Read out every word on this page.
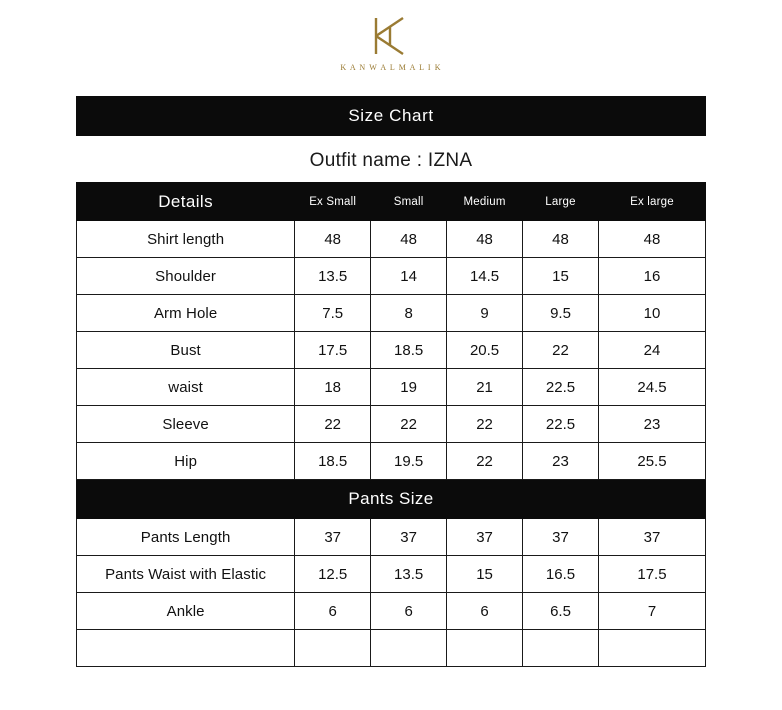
K A N W A L M A L I K
Size Chart
Outfit name : IZNA
Details	Ex Small	Small	Medium	Large	Ex large
Shirt length	48	48	48	48	48
Shoulder	13.5	14	14.5	15	16
Arm Hole	7.5	8	9	9.5	10
Bust	17.5	18.5	20.5	22	24
waist	18	19	21	22.5	24.5
Sleeve	22	22	22	22.5	23
Hip	18.5	19.5	22	23	25.5
Pants Size					
Pants Length	37	37	37	37	37
Pants Waist with Elastic	12.5	13.5	15	16.5	17.5
Ankle	6	6	6	6.5	7
